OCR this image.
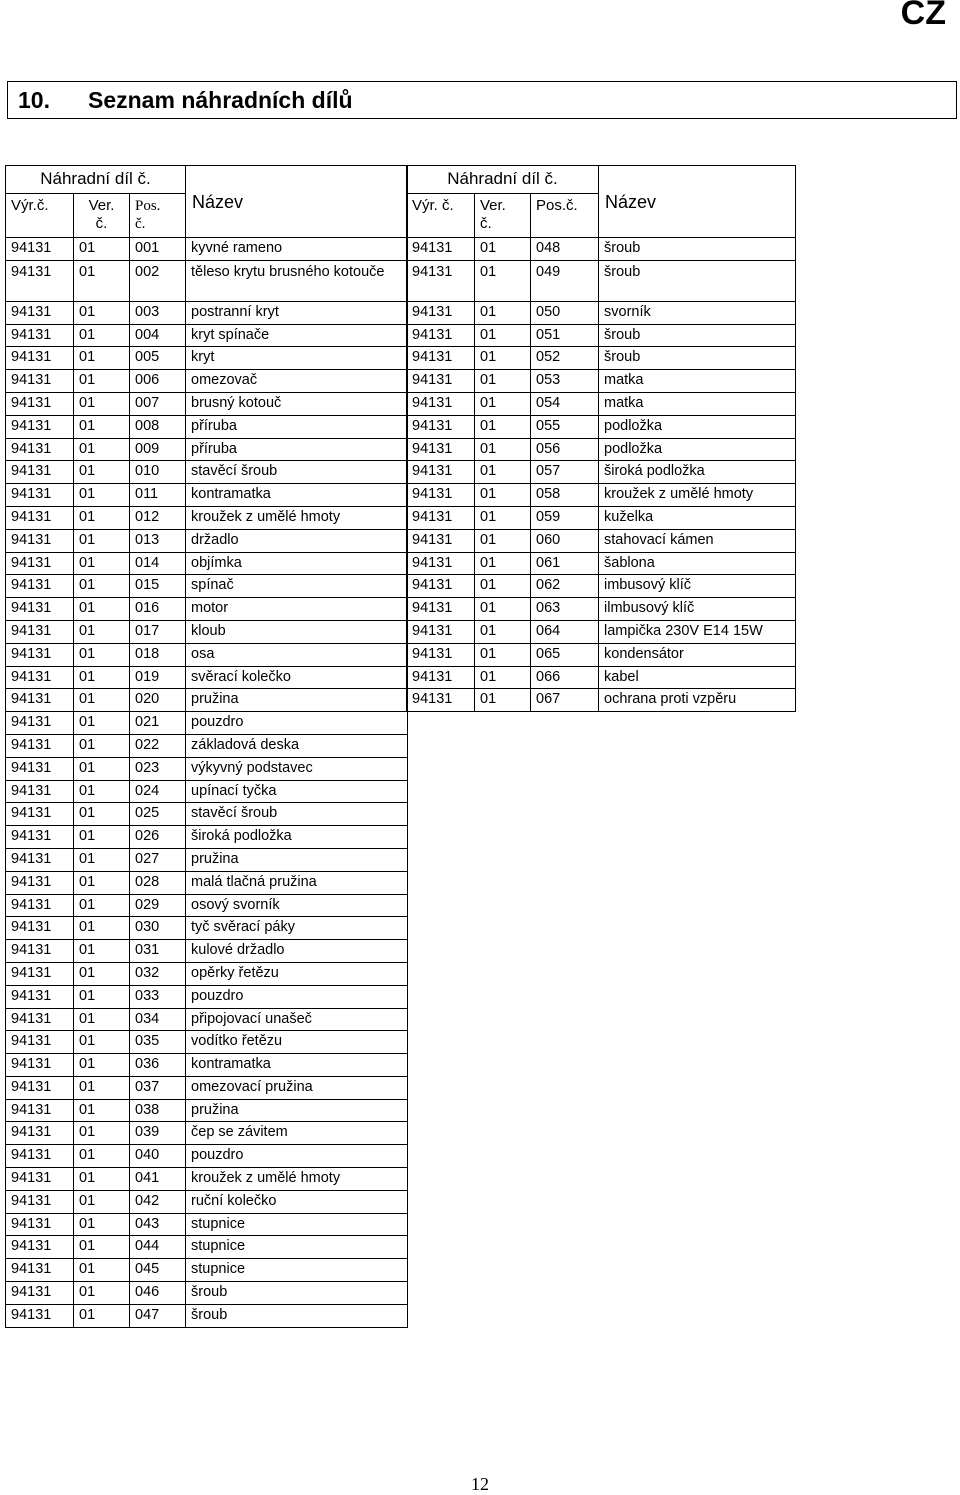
CZ
10.	Seznam náhradních dílů
Náhradní díl č.			Název
Výr.č.	Ver.
č.	Pos.
č.	
94131	01	001	kyvné rameno
94131	01	002	těleso krytu brusného kotouče
94131	01	003	postranní kryt
94131	01	004	kryt spínače
94131	01	005	kryt
94131	01	006	omezovač
94131	01	007	brusný kotouč
94131	01	008	příruba
94131	01	009	příruba
94131	01	010	stavěcí šroub
94131	01	011	kontramatka
94131	01	012	kroužek z umělé hmoty
94131	01	013	držadlo
94131	01	014	objímka
94131	01	015	spínač
94131	01	016	motor
94131	01	017	kloub
94131	01	018	osa
94131	01	019	svěrací kolečko
94131	01	020	pružina
94131	01	021	pouzdro
94131	01	022	základová deska
94131	01	023	výkyvný podstavec
94131	01	024	upínací tyčka
94131	01	025	stavěcí šroub
94131	01	026	široká podložka
94131	01	027	pružina
94131	01	028	malá tlačná pružina
94131	01	029	osový svorník
94131	01	030	tyč svěrací páky
94131	01	031	kulové držadlo
94131	01	032	opěrky řetězu
94131	01	033	pouzdro
94131	01	034	připojovací unašeč
94131	01	035	vodítko řetězu
94131	01	036	kontramatka
94131	01	037	omezovací pružina
94131	01	038	pružina
94131	01	039	čep se závitem
94131	01	040	pouzdro
94131	01	041	kroužek z umělé hmoty
94131	01	042	ruční kolečko
94131	01	043	stupnice
94131	01	044	stupnice
94131	01	045	stupnice
94131	01	046	šroub
94131	01	047	šroub
Náhradní díl č.			Název
Výr. č.	Ver.
č.	Pos.č.	
94131	01	048	šroub
94131	01	049	šroub
94131	01	050	svorník
94131	01	051	šroub
94131	01	052	šroub
94131	01	053	matka
94131	01	054	matka
94131	01	055	podložka
94131	01	056	podložka
94131	01	057	široká podložka
94131	01	058	kroužek z umělé hmoty
94131	01	059	kuželka
94131	01	060	stahovací kámen
94131	01	061	šablona
94131	01	062	imbusový klíč
94131	01	063	ilmbusový klíč
94131	01	064	lampička 230V E14 15W
94131	01	065	kondensátor
94131	01	066	kabel
94131	01	067	ochrana proti vzpěru
12
